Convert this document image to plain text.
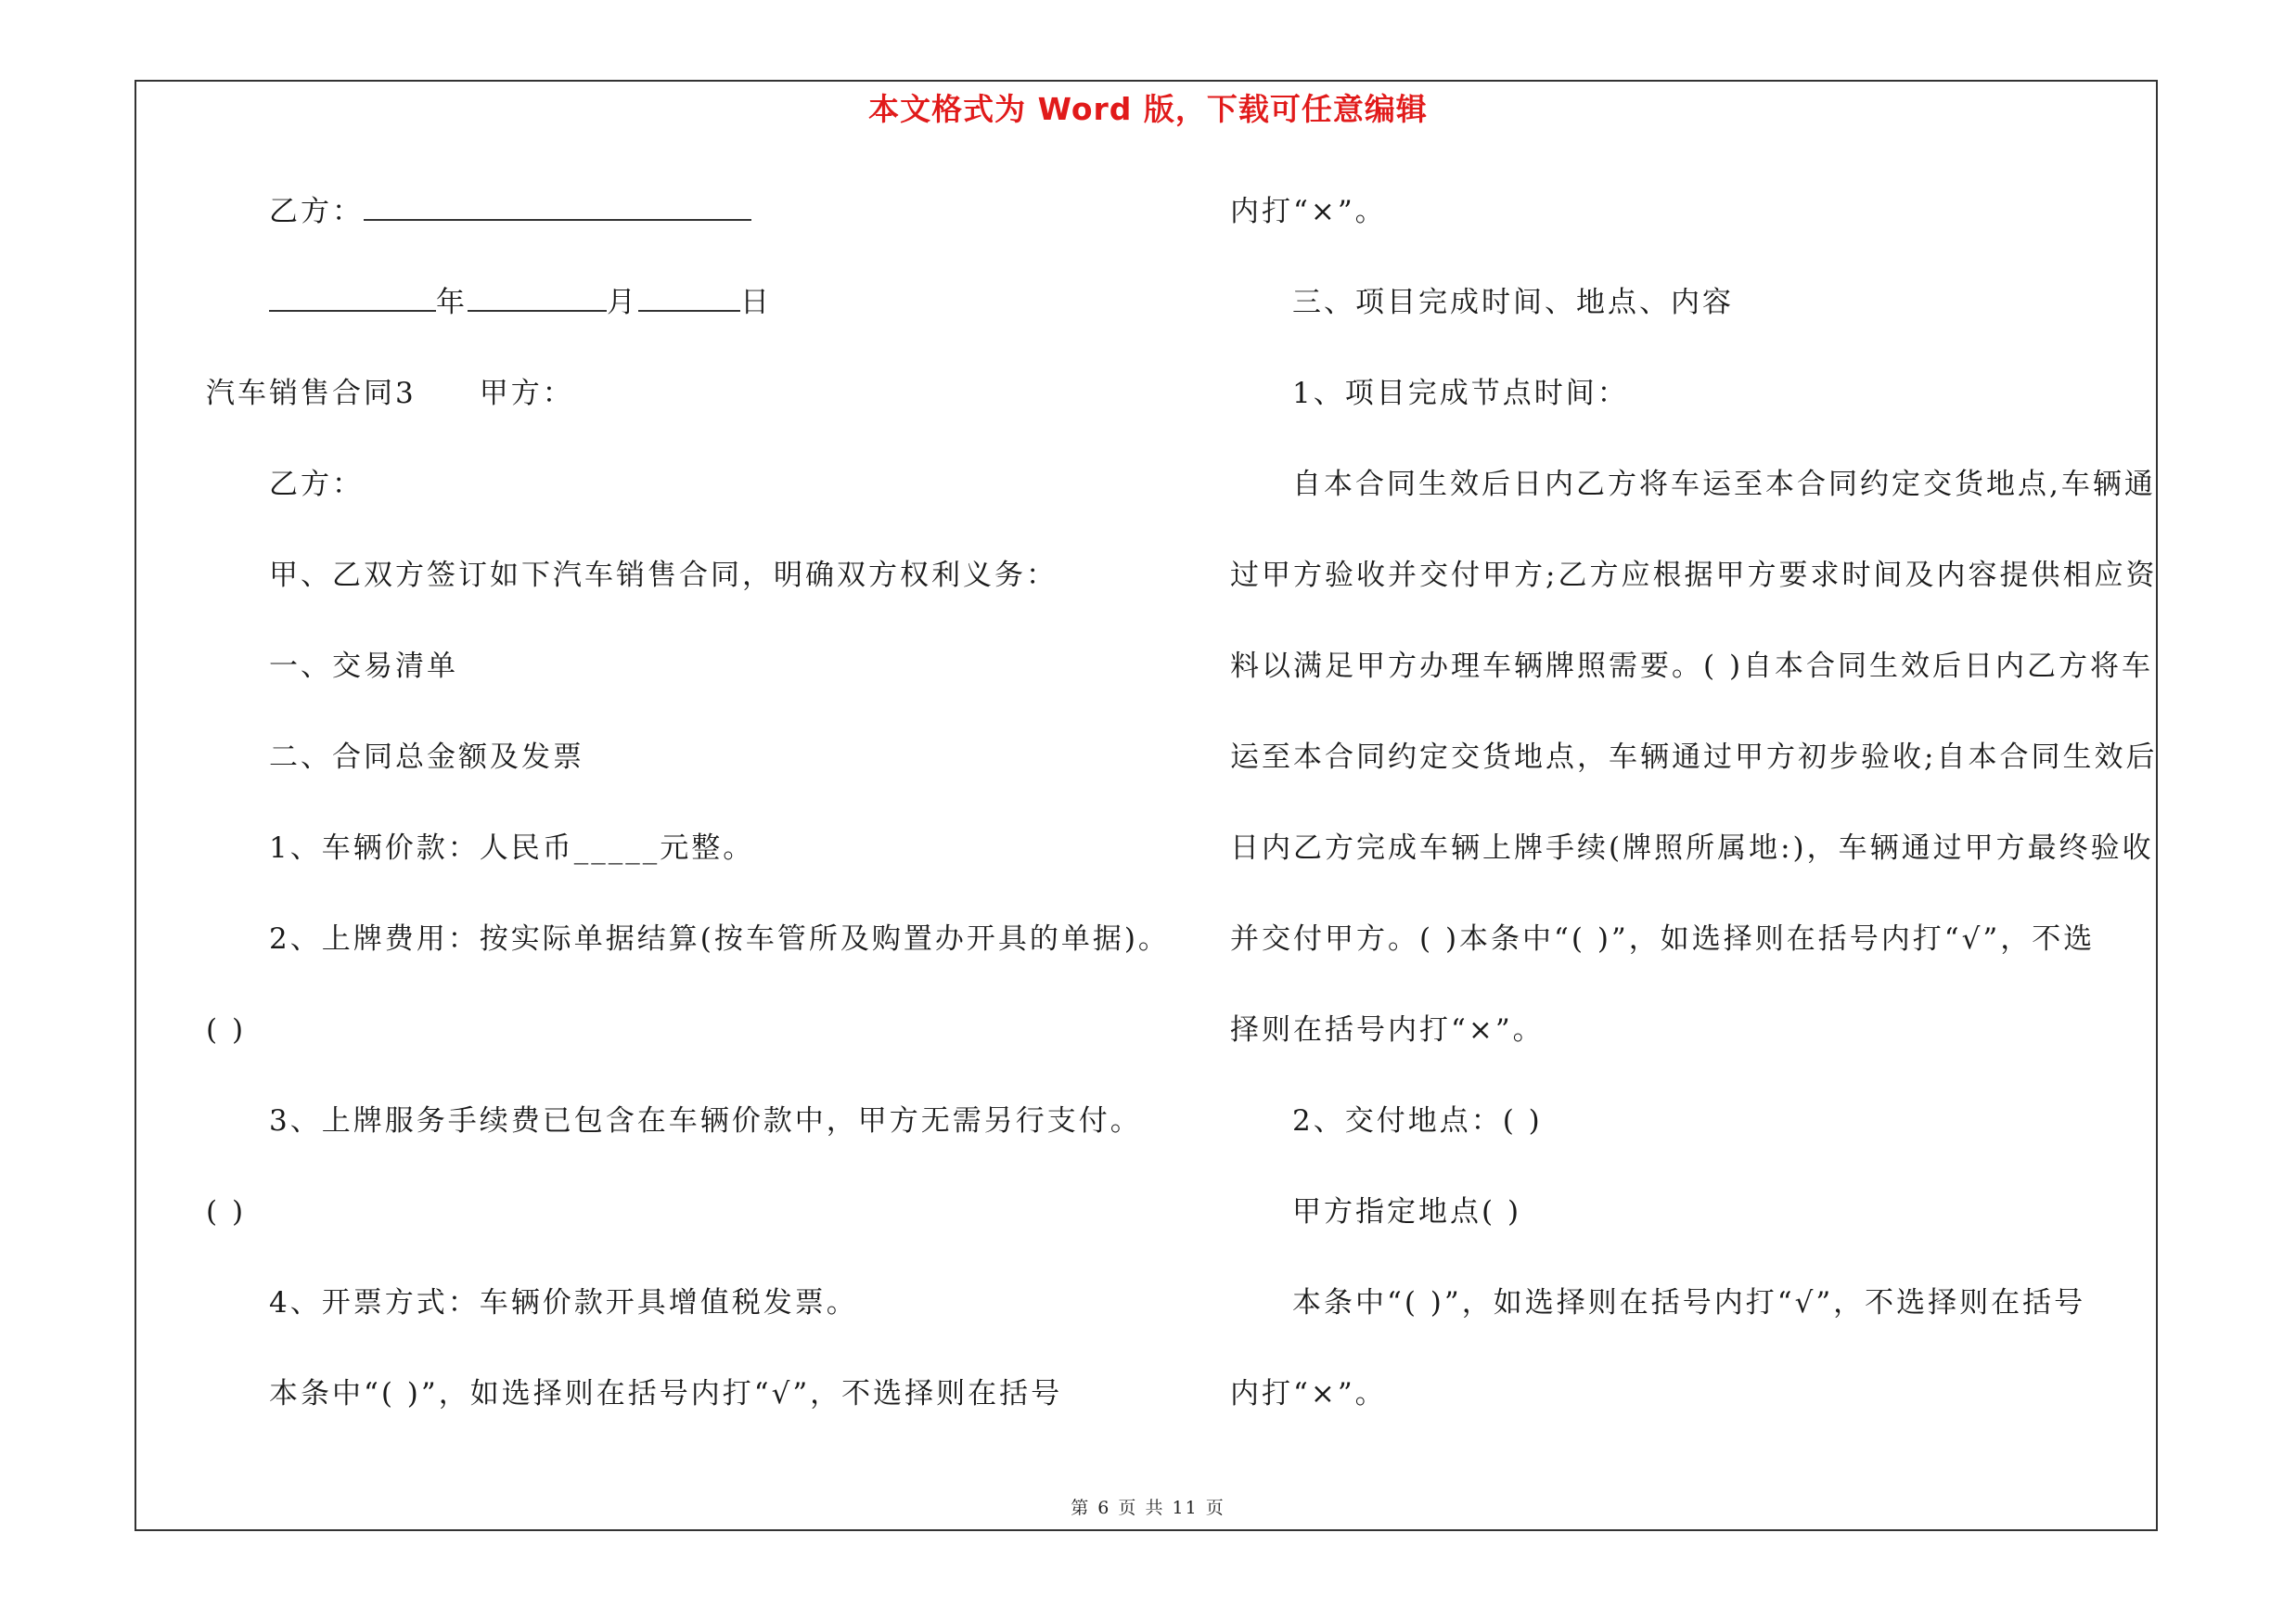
本文格式为 Word 版，下载可任意编辑
乙方：
年	月	日
汽车销售合同3　　甲方：
乙方：
甲、乙双方签订如下汽车销售合同，明确双方权利义务：
一、交易清单
二、合同总金额及发票
1、车辆价款：人民币_____元整。
2、上牌费用：按实际单据结算(按车管所及购置办开具的单据)。
( )
3、上牌服务手续费已包含在车辆价款中，甲方无需另行支付。
( )
4、开票方式：车辆价款开具增值税发票。
本条中“( )”，如选择则在括号内打“√”，不选择则在括号
内打“×”。
三、项目完成时间、地点、内容
1、项目完成节点时间：
自本合同生效后日内乙方将车运至本合同约定交货地点,车辆通
过甲方验收并交付甲方;乙方应根据甲方要求时间及内容提供相应资
料以满足甲方办理车辆牌照需要。( )自本合同生效后日内乙方将车
运至本合同约定交货地点，车辆通过甲方初步验收;自本合同生效后
日内乙方完成车辆上牌手续(牌照所属地:)，车辆通过甲方最终验收
并交付甲方。( )本条中“( )”，如选择则在括号内打“√”，不选
择则在括号内打“×”。
2、交付地点：( )
甲方指定地点( )
本条中“( )”，如选择则在括号内打“√”，不选择则在括号
内打“×”。
第 6 页 共 11 页
